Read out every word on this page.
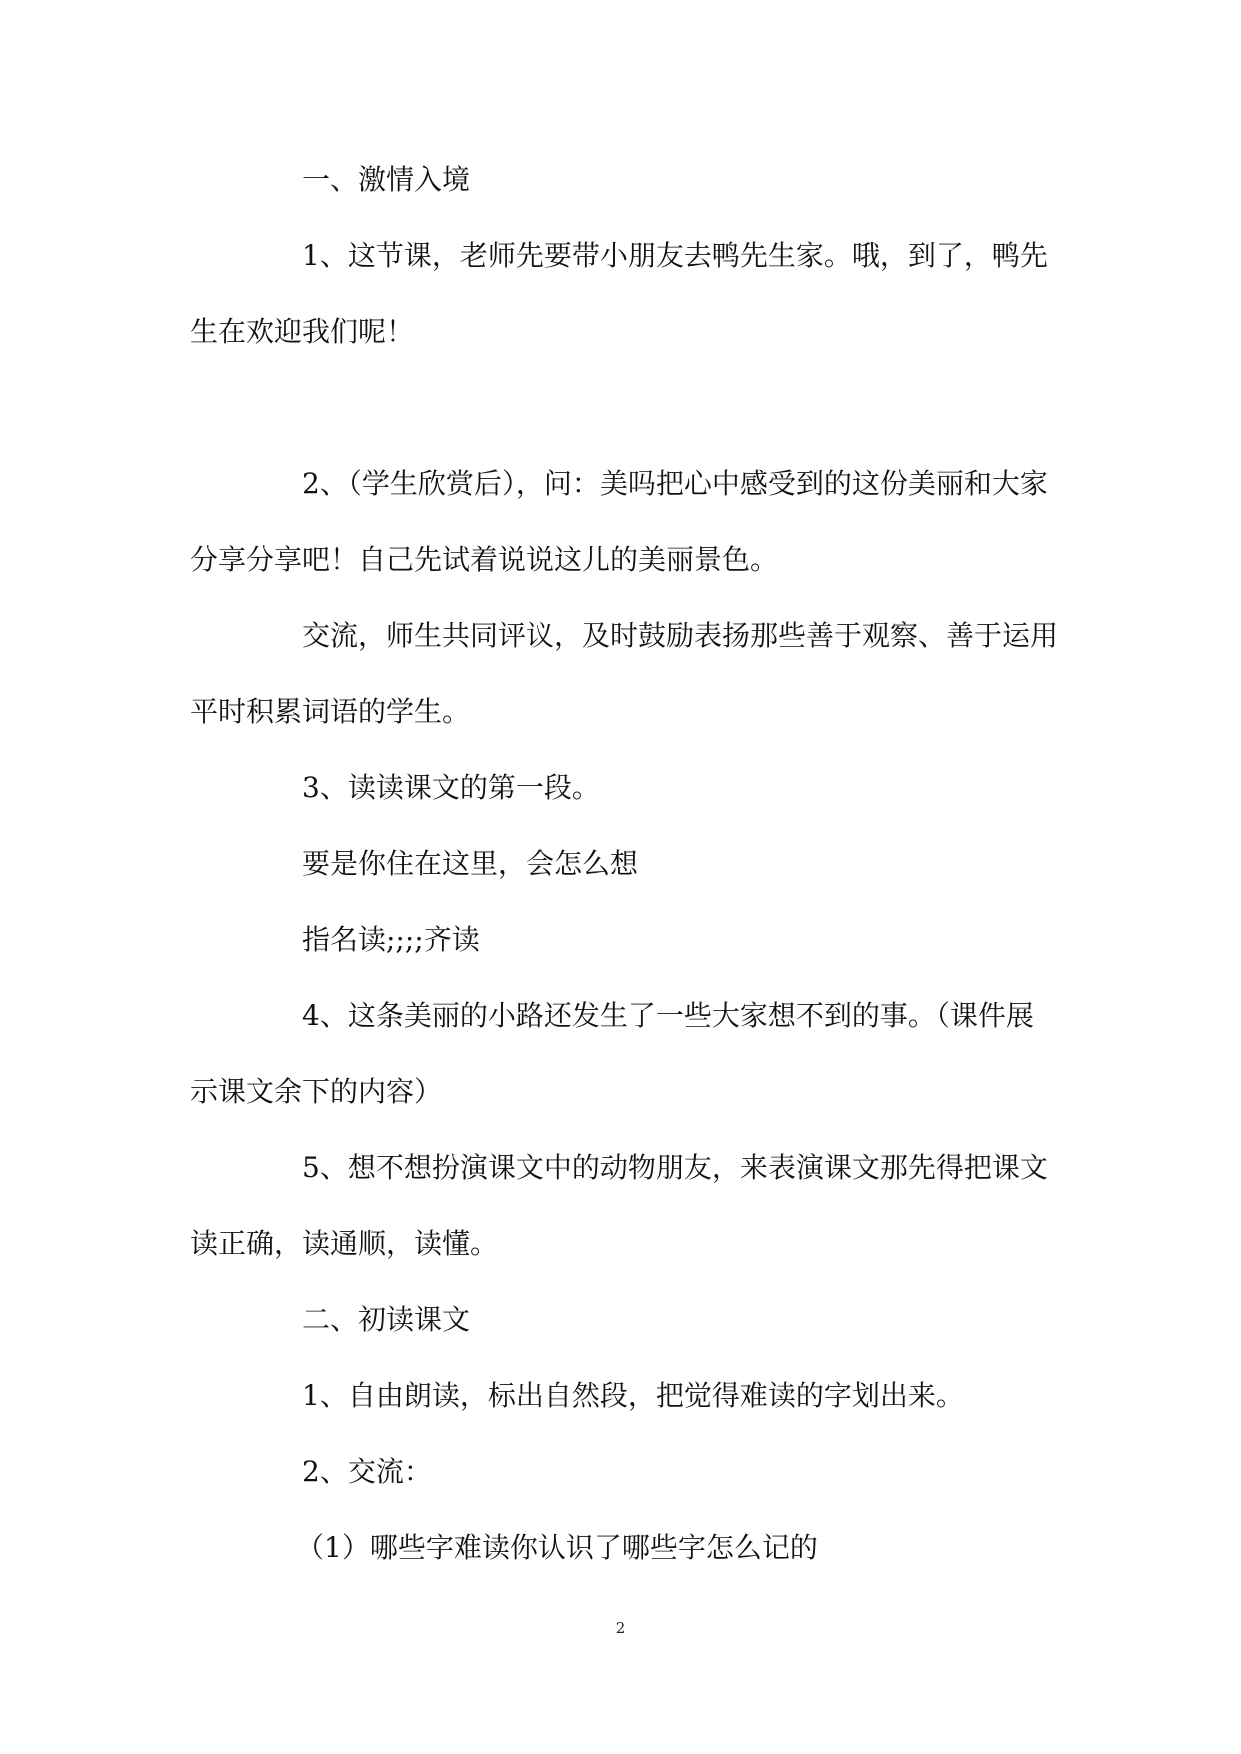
一、激情入境

1、这节课，老师先要带小朋友去鸭先生家。哦，到了，鸭先生在欢迎我们呢！

2、（学生欣赏后），问：美吗把心中感受到的这份美丽和大家分享分享吧！自己先试着说说这儿的美丽景色。

交流，师生共同评议，及时鼓励表扬那些善于观察、善于运用平时积累词语的学生。

3、读读课文的第一段。

要是你住在这里，会怎么想

指名读;;;;齐读

4、这条美丽的小路还发生了一些大家想不到的事。（课件展示课文余下的内容）

5、想不想扮演课文中的动物朋友，来表演课文那先得把课文读正确，读通顺，读懂。

二、初读课文

1、自由朗读，标出自然段，把觉得难读的字划出来。

2、交流：

（1）哪些字难读你认识了哪些字怎么记的

2
